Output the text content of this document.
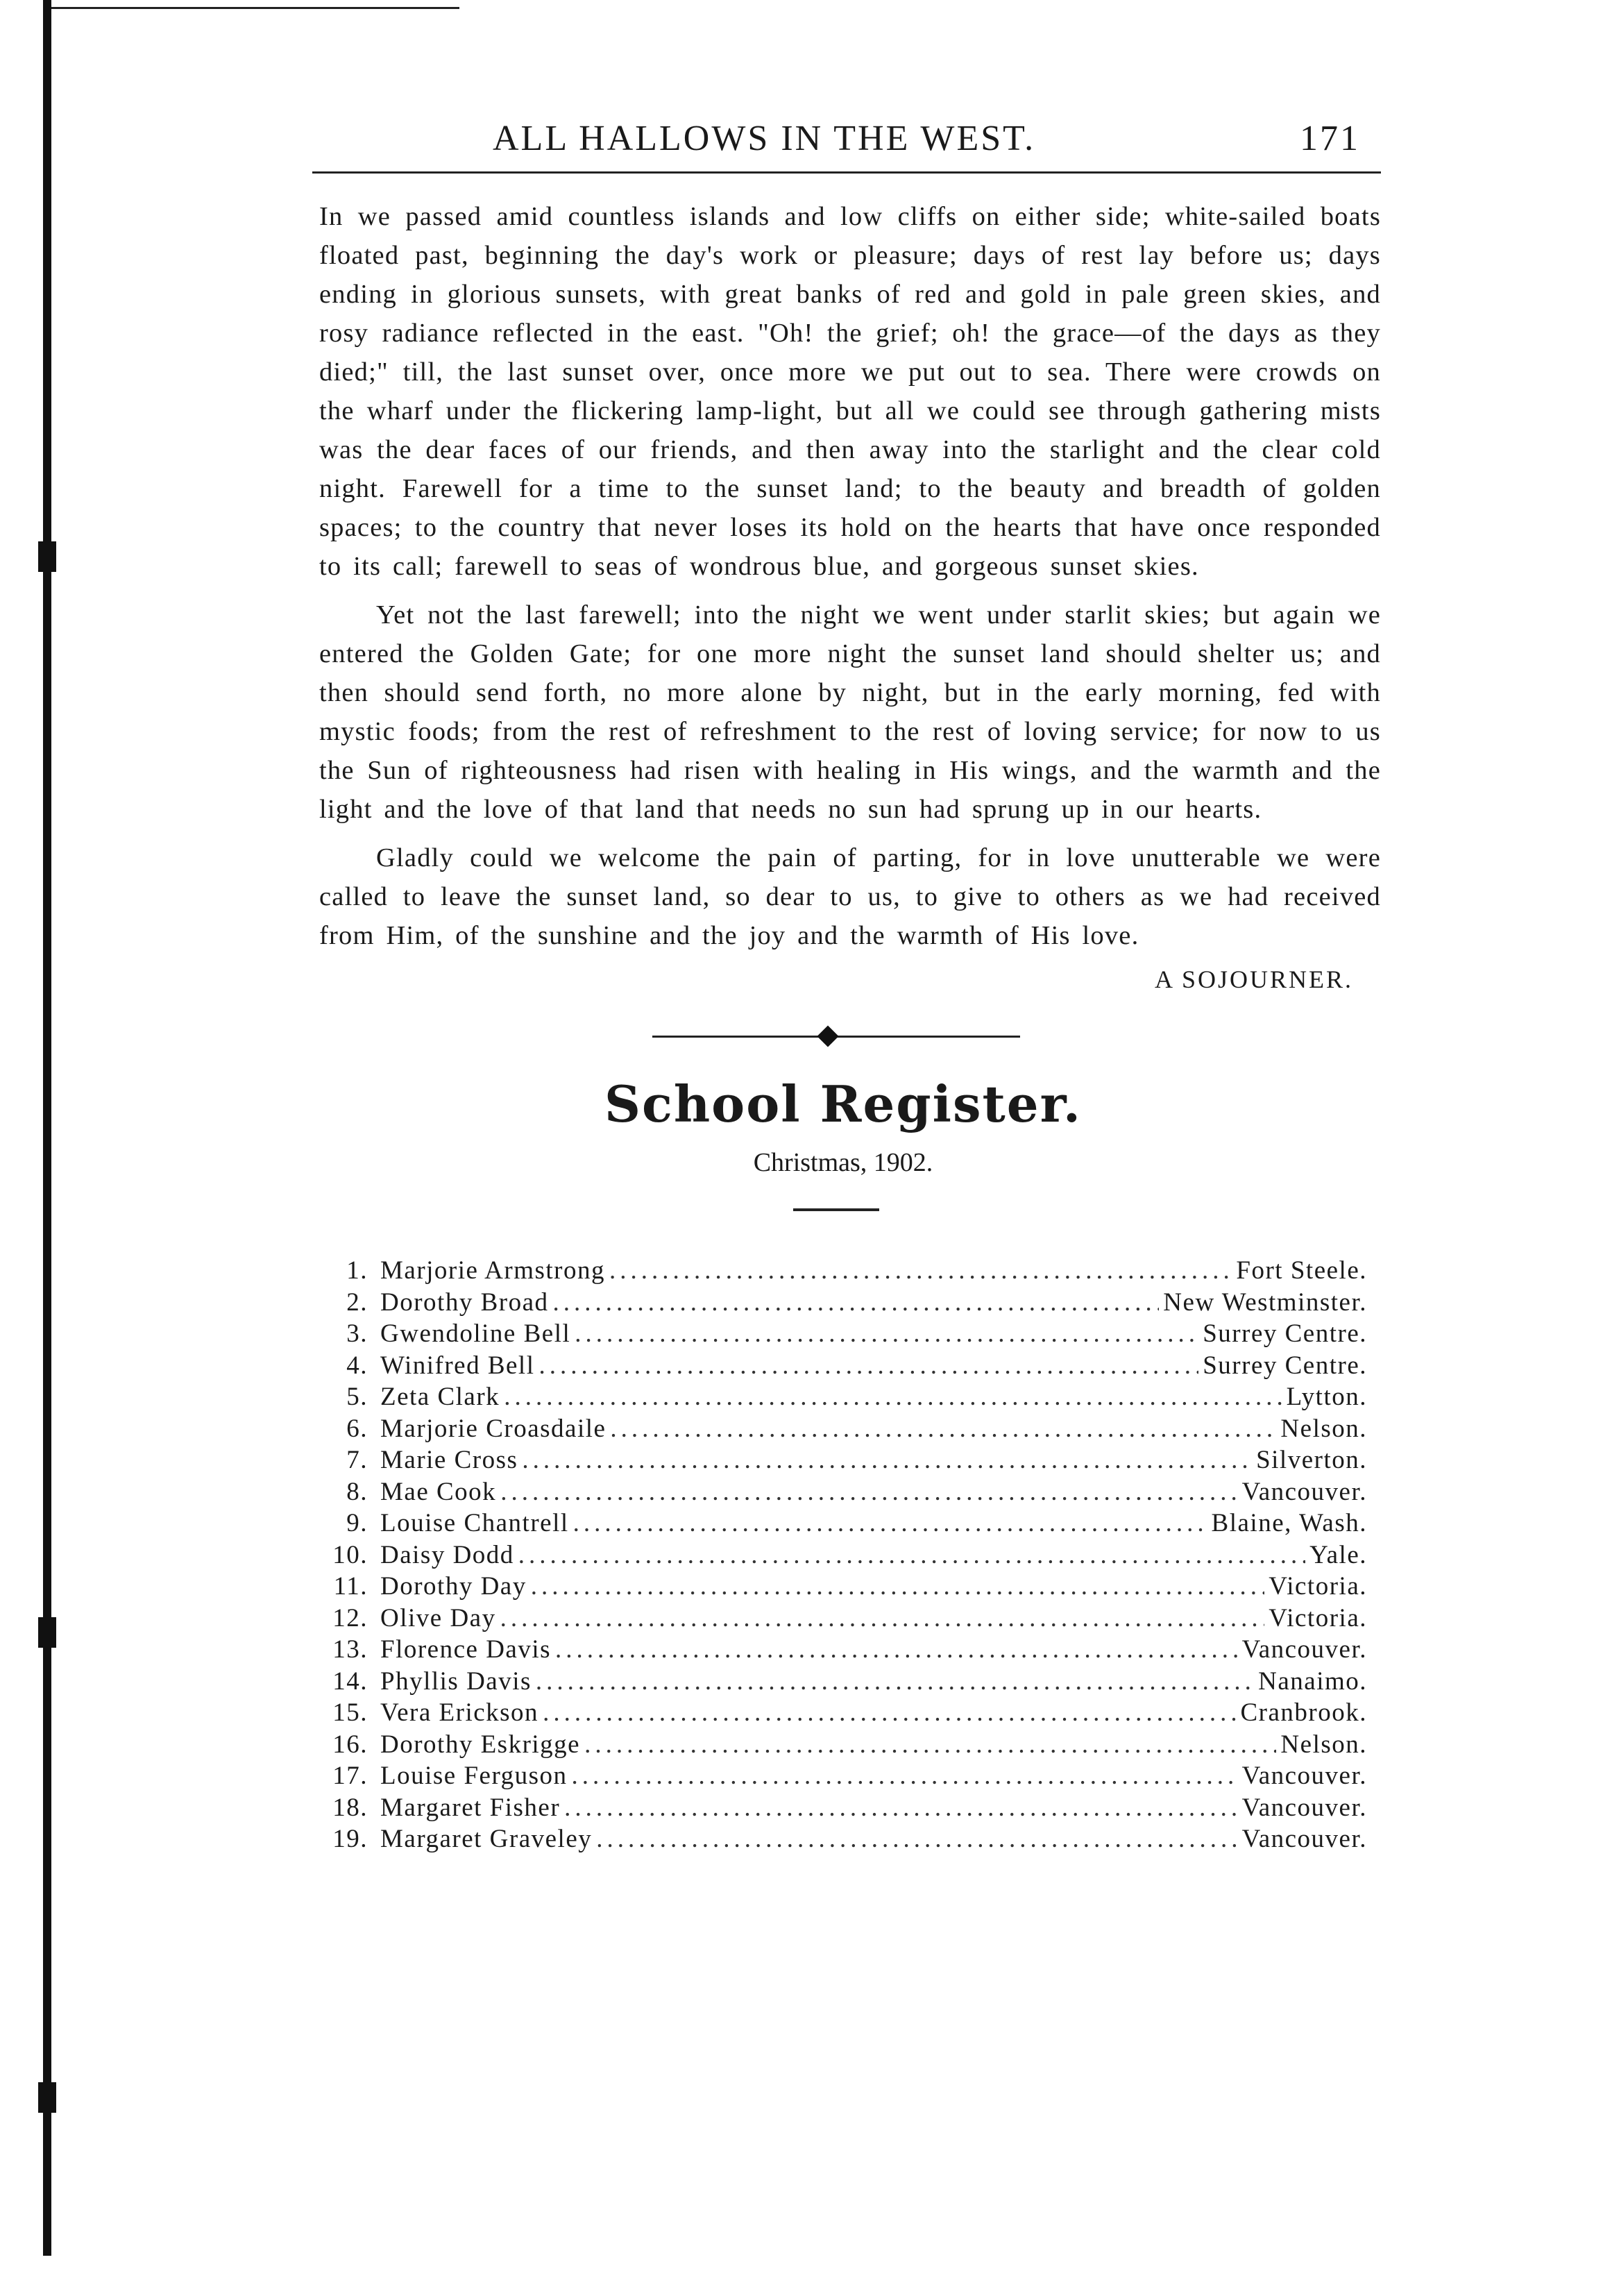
ALL HALLOWS IN THE WEST.	171

In we passed amid countless islands and low cliffs on either side; white-sailed boats floated past, beginning the day's work or pleasure; days of rest lay before us; days ending in glorious sunsets, with great banks of red and gold in pale green skies, and rosy radiance reflected in the east. "Oh! the grief; oh! the grace—of the days as they died;" till, the last sunset over, once more we put out to sea. There were crowds on the wharf under the flickering lamp-light, but all we could see through gathering mists was the dear faces of our friends, and then away into the starlight and the clear cold night. Farewell for a time to the sunset land; to the beauty and breadth of golden spaces; to the country that never loses its hold on the hearts that have once responded to its call; farewell to seas of wondrous blue, and gorgeous sunset skies.

Yet not the last farewell; into the night we went under starlit skies; but again we entered the Golden Gate; for one more night the sunset land should shelter us; and then should send forth, no more alone by night, but in the early morning, fed with mystic foods; from the rest of refreshment to the rest of loving service; for now to us the Sun of righteousness had risen with healing in His wings, and the warmth and the light and the love of that land that needs no sun had sprung up in our hearts.

Gladly could we welcome the pain of parting, for in love unutterable we were called to leave the sunset land, so dear to us, to give to others as we had received from Him, of the sunshine and the joy and the warmth of His love.

A SOJOURNER.
School Register.
Christmas, 1902.
1. Marjorie Armstrong .....	Fort Steele.
2. Dorothy Broad .....	New Westminster.
3. Gwendoline Bell .....	Surrey Centre.
4. Winifred Bell .....	Surrey Centre.
5. Zeta Clark .....	Lytton.
6. Marjorie Croasdaile .....	Nelson.
7. Marie Cross .....	Silverton.
8. Mae Cook .....	Vancouver.
9. Louise Chantrell .....	Blaine, Wash.
10. Daisy Dodd .....	Yale.
11. Dorothy Day .....	Victoria.
12. Olive Day .....	Victoria.
13. Florence Davis .....	Vancouver.
14. Phyllis Davis .....	Nanaimo.
15. Vera Erickson .....	Cranbrook.
16. Dorothy Eskrigge .....	Nelson.
17. Louise Ferguson .....	Vancouver.
18. Margaret Fisher .....	Vancouver.
19. Margaret Graveley .....	Vancouver.
